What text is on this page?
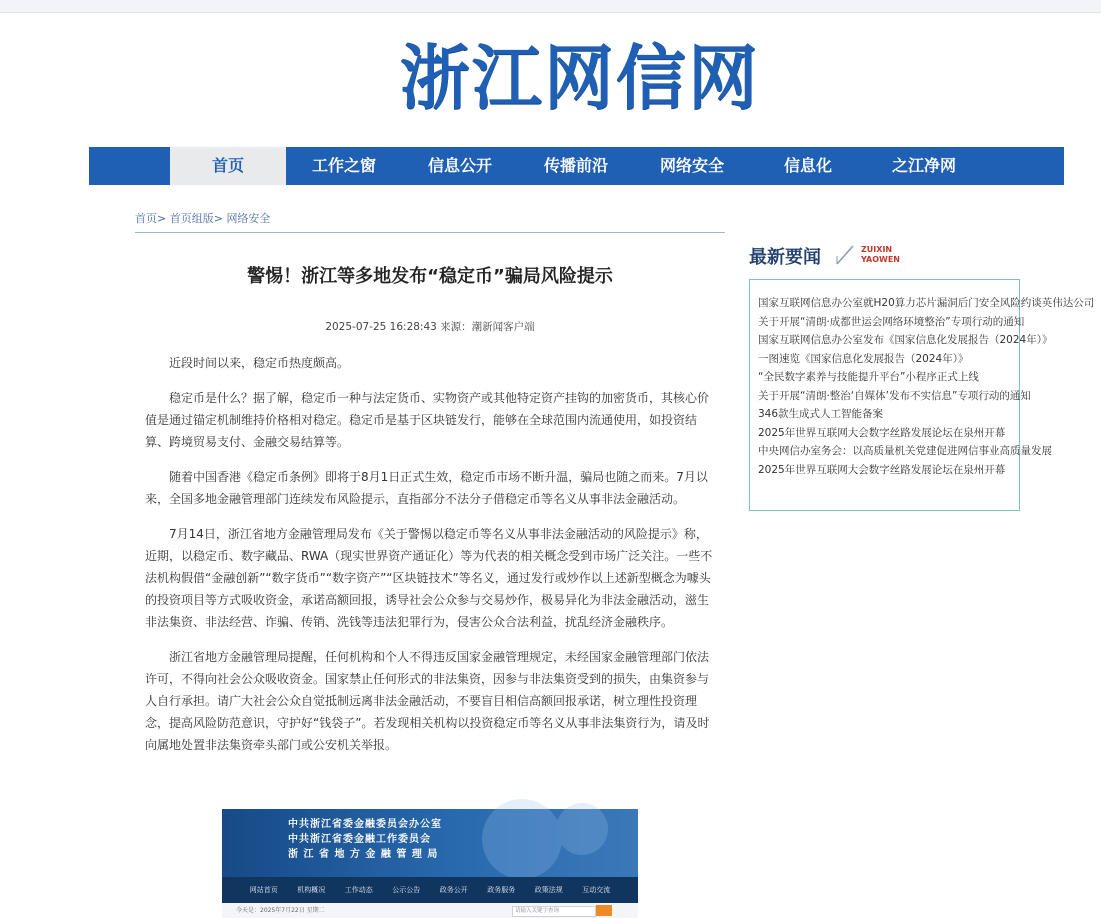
浙江网信网
首页	工作之窗	信息公开	传播前沿	网络安全	信息化	之江净网
首页> 首页组版> 网络安全
警惕！浙江等多地发布“稳定币”骗局风险提示
2025-07-25 16:28:43 来源：潮新闻客户端

近段时间以来，稳定币热度颇高。

稳定币是什么？据了解，稳定币一种与法定货币、实物资产或其他特定资产挂钩的加密货币，其核心价值是通过锚定机制维持价格相对稳定。稳定币是基于区块链发行，能够在全球范围内流通使用，如投资结算、跨境贸易支付、金融交易结算等。

随着中国香港《稳定币条例》即将于8月1日正式生效，稳定币市场不断升温，骗局也随之而来。7月以来，全国多地金融管理部门连续发布风险提示，直指部分不法分子借稳定币等名义从事非法金融活动。

7月14日，浙江省地方金融管理局发布《关于警惕以稳定币等名义从事非法金融活动的风险提示》称，近期，以稳定币、数字藏品、RWA（现实世界资产通证化）等为代表的相关概念受到市场广泛关注。一些不法机构假借“金融创新”“数字货币”“数字资产”“区块链技术”等名义，通过发行或炒作以上述新型概念为噱头的投资项目等方式吸收资金，承诺高额回报，诱导社会公众参与交易炒作，极易异化为非法金融活动，滋生非法集资、非法经营、诈骗、传销、洗钱等违法犯罪行为，侵害公众合法利益，扰乱经济金融秩序。

浙江省地方金融管理局提醒，任何机构和个人不得违反国家金融管理规定，未经国家金融管理部门依法许可，不得向社会公众吸收资金。国家禁止任何形式的非法集资，因参与非法集资受到的损失，由集资参与人自行承担。请广大社会公众自觉抵制远离非法金融活动，不要盲目相信高额回报承诺，树立理性投资理念，提高风险防范意识，守护好“钱袋子”。若发现相关机构以投资稳定币等名义从事非法集资行为，请及时向属地处置非法集资牵头部门或公安机关举报。

中共浙江省委金融委员会办公室
中共浙江省委金融工作委员会
浙 江 省 地 方 金 融 管 理 局
网站首页	机构概况	工作动态	公示公告	政务公开	政务服务	政策法规	互动交流
今天是：2025年7月22日 星期二	请输入关键字查询
最新要闻	ZUIXIN
YAOWEN
国家互联网信息办公室就H20算力芯片漏洞后门安全风险约谈英伟达公司
关于开展“清朗·成都世运会网络环境整治”专项行动的通知
国家互联网信息办公室发布《国家信息化发展报告（2024年）》
一图速览《国家信息化发展报告（2024年）》
“全民数字素养与技能提升平台”小程序正式上线
关于开展“清朗·整治‘自媒体’发布不实信息”专项行动的通知
346款生成式人工智能备案
2025年世界互联网大会数字丝路发展论坛在泉州开幕
中央网信办室务会：以高质量机关党建促进网信事业高质量发展
2025年世界互联网大会数字丝路发展论坛在泉州开幕
